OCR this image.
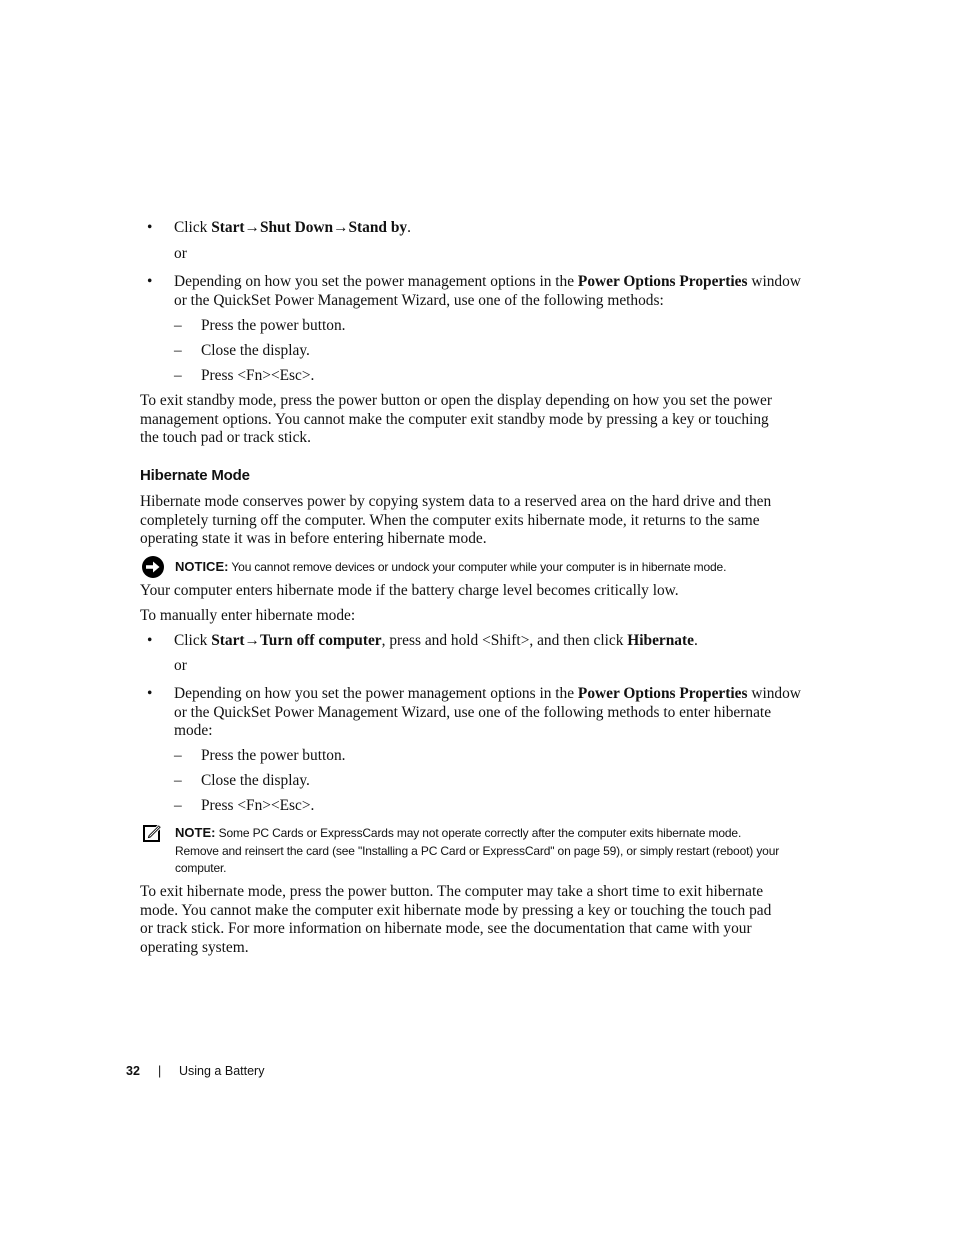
•	Click Start→Shut Down→Stand by.
or
•	Depending on how you set the power management options in the Power Options Properties window
or the QuickSet Power Management Wizard, use one of the following methods:
– Press the power button.
– Close the display.
– Press <Fn><Esc>.
To exit standby mode, press the power button or open the display depending on how you set the power
management options. You cannot make the computer exit standby mode by pressing a key or touching
the touch pad or track stick.
Hibernate Mode
Hibernate mode conserves power by copying system data to a reserved area on the hard drive and then
completely turning off the computer. When the computer exits hibernate mode, it returns to the same
operating state it was in before entering hibernate mode.
NOTICE: You cannot remove devices or undock your computer while your computer is in hibernate mode.
Your computer enters hibernate mode if the battery charge level becomes critically low.
To manually enter hibernate mode:
•	Click Start→Turn off computer, press and hold <Shift>, and then click Hibernate.
or
•	Depending on how you set the power management options in the Power Options Properties window
or the QuickSet Power Management Wizard, use one of the following methods to enter hibernate
mode:
– Press the power button.
– Close the display.
– Press <Fn><Esc>.
NOTE: Some PC Cards or ExpressCards may not operate correctly after the computer exits hibernate mode.
Remove and reinsert the card (see "Installing a PC Card or ExpressCard" on page 59), or simply restart (reboot) your
computer.
To exit hibernate mode, press the power button. The computer may take a short time to exit hibernate
mode. You cannot make the computer exit hibernate mode by pressing a key or touching the touch pad
or track stick. For more information on hibernate mode, see the documentation that came with your
operating system.
32 | Using a Battery
